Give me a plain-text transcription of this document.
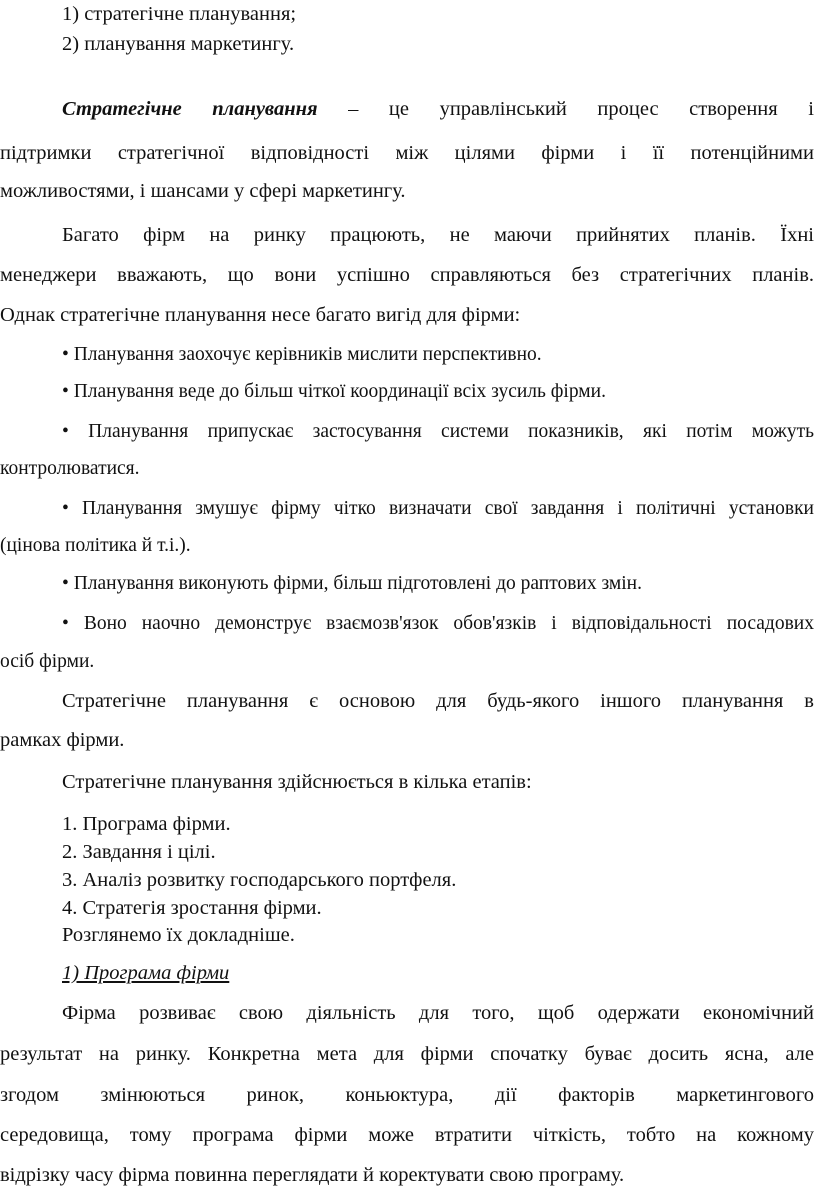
1) стратегічне планування;

2) планування маркетингу.

Стратегічне планування – це управлінський процес створення і

підтримки стратегічної відповідності між цілями фірми і її потенційними

можливостями, і шансами у сфері маркетингу.

Багато фірм на ринку працюють, не маючи прийнятих планів. Їхні

менеджери вважають, що вони успішно справляються без стратегічних планів.

Однак стратегічне планування несе багато вигід для фірми:

• Планування заохочує керівників мислити перспективно.

• Планування веде до більш чіткої координації всіх зусиль фірми.

• Планування припускає застосування системи показників, які потім можуть

контролюватися.

• Планування змушує фірму чітко визначати свої завдання і політичні установки

(цінова політика й т.і.).

• Планування виконують фірми, більш підготовлені до раптових змін.

• Воно наочно демонструє взаємозв'язок обов'язків і відповідальності посадових

осіб фірми.

Стратегічне планування є основою для будь-якого іншого планування в

рамках фірми.

Стратегічне планування здійснюється в кілька етапів:

1. Програма фірми.

2. Завдання і цілі.

3. Аналіз розвитку господарського портфеля.

4. Стратегія зростання фірми.

Розглянемо їх докладніше.

1) Програма фірми

Фірма розвиває свою діяльність для того, щоб одержати економічний

результат на ринку. Конкретна мета для фірми спочатку буває досить ясна, але

згодом змінюються ринок, коньюктура, дії факторів маркетингового

середовища, тому програма фірми може втратити чіткість, тобто на кожному

відрізку часу фірма повинна переглядати й коректувати свою програму.
